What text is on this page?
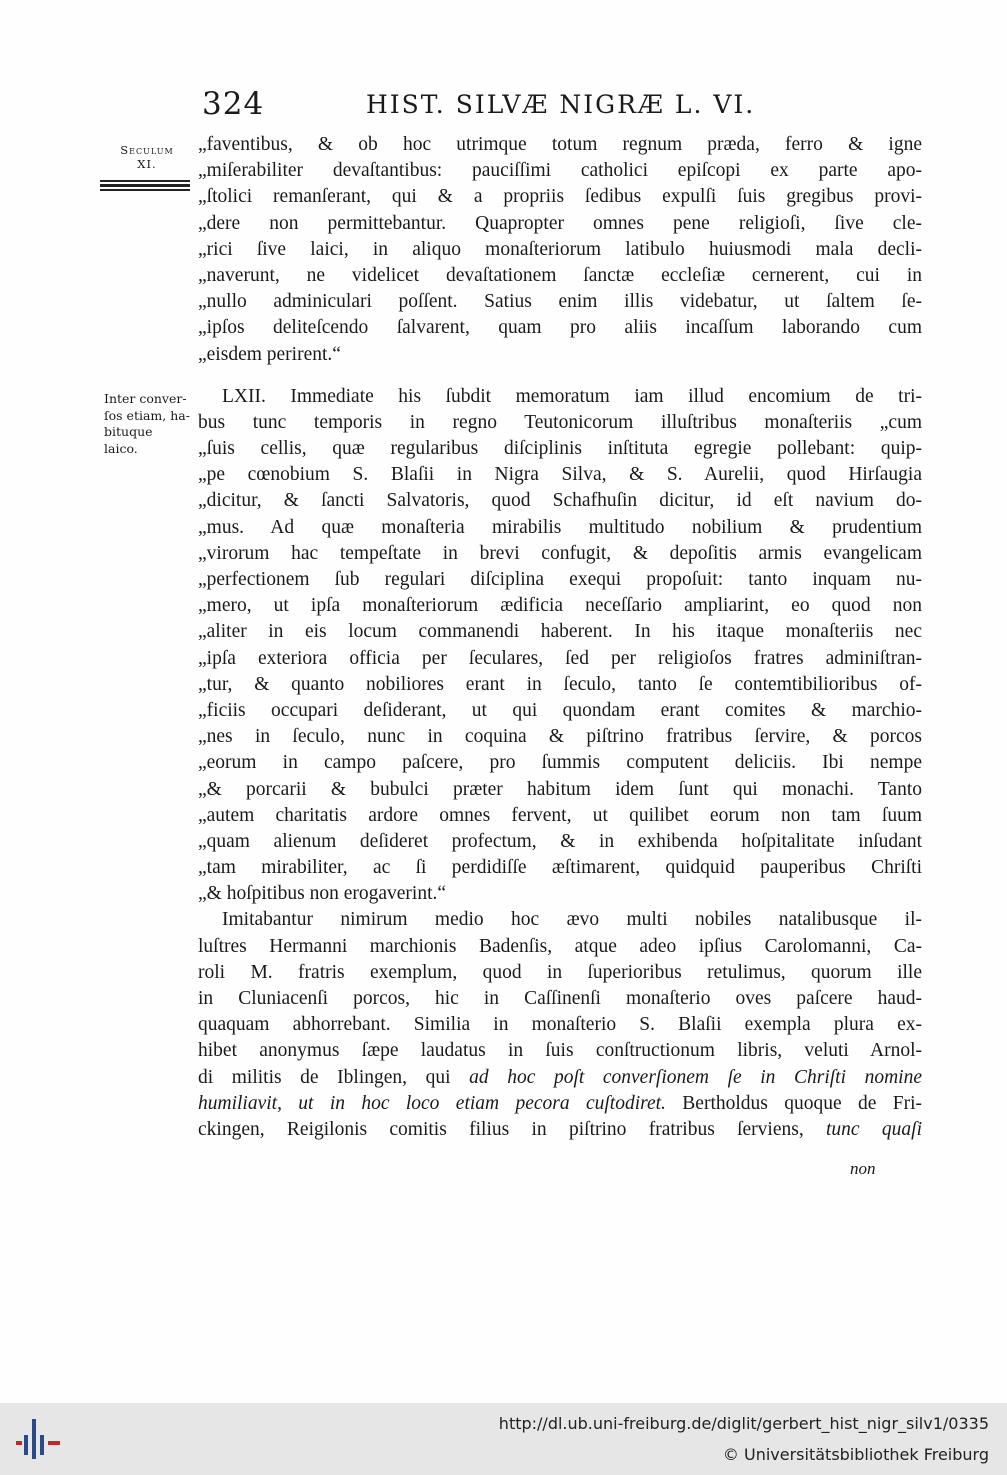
324	HIST. SILVÆ NIGRÆ L. VI.
Seculum
XI.
Inter conver-
ſos etiam, ha-
bituque laico.
„faventibus, & ob hoc utrimque totum regnum præda, ferro & igne
„miſerabiliter devaſtantibus: pauciſſimi catholici epiſcopi ex parte apo-
„ſtolici remanſerant, qui & a propriis ſedibus expulſi ſuis gregibus provi-
„dere non permittebantur. Quapropter omnes pene religioſi, ſive cle-
„rici ſive laici, in aliquo monaſteriorum latibulo huiusmodi mala decli-
„naverunt, ne videlicet devaſtationem ſanctæ eccleſiæ cernerent, cui in
„nullo adminiculari poſſent. Satius enim illis videbatur, ut ſaltem ſe-
„ipſos deliteſcendo ſalvarent, quam pro aliis incaſſum laborando cum
„eisdem perirent.“
LXII. Immediate his ſubdit memoratum iam illud encomium de tri-
bus tunc temporis in regno Teutonicorum illuſtribus monaſteriis „cum
„ſuis cellis, quæ regularibus diſciplinis inſtituta egregie pollebant: quip-
„pe cœnobium S. Blaſii in Nigra Silva, & S. Aurelii, quod Hirſaugia
„dicitur, & ſancti Salvatoris, quod Schafhuſin dicitur, id eſt navium do-
„mus. Ad quæ monaſteria mirabilis multitudo nobilium & prudentium
„virorum hac tempeſtate in brevi confugit, & depoſitis armis evangelicam
„perfectionem ſub regulari diſciplina exequi propoſuit: tanto inquam nu-
„mero, ut ipſa monaſteriorum ædificia neceſſario ampliarint, eo quod non
„aliter in eis locum commanendi haberent. In his itaque monaſteriis nec
„ipſa exteriora officia per ſeculares, ſed per religioſos fratres adminiſtran-
„tur, & quanto nobiliores erant in ſeculo, tanto ſe contemtibilioribus of-
„ficiis occupari deſiderant, ut qui quondam erant comites & marchio-
„nes in ſeculo, nunc in coquina & piſtrino fratribus ſervire, & porcos
„eorum in campo paſcere, pro ſummis computent deliciis. Ibi nempe
„& porcarii & bubulci præter habitum idem ſunt qui monachi. Tanto
„autem charitatis ardore omnes fervent, ut quilibet eorum non tam ſuum
„quam alienum deſideret profectum, & in exhibenda hoſpitalitate inſudant
„tam mirabiliter, ac ſi perdidiſſe æſtimarent, quidquid pauperibus Chriſti
„& hoſpitibus non erogaverint.“
Imitabantur nimirum medio hoc ævo multi nobiles natalibusque il-
luſtres Hermanni marchionis Badenſis, atque adeo ipſius Carolomanni, Ca-
roli M. fratris exemplum, quod in ſuperioribus retulimus, quorum ille
in Cluniacenſi porcos, hic in Caſſinenſi monaſterio oves paſcere haud-
quaquam abhorrebant. Similia in monaſterio S. Blaſii exempla plura ex-
hibet anonymus ſæpe laudatus in ſuis conſtructionum libris, veluti Arnol-
di militis de Iblingen, qui ad hoc poſt converſionem ſe in Chriſti nomine
humiliavit, ut in hoc loco etiam pecora cuſtodiret. Bertholdus quoque de Fri-
ckingen, Reigilonis comitis filius in piſtrino fratribus ſerviens, tunc quaſi
non
http://dl.ub.uni-freiburg.de/diglit/gerbert_hist_nigr_silv1/0335
© Universitätsbibliothek Freiburg
